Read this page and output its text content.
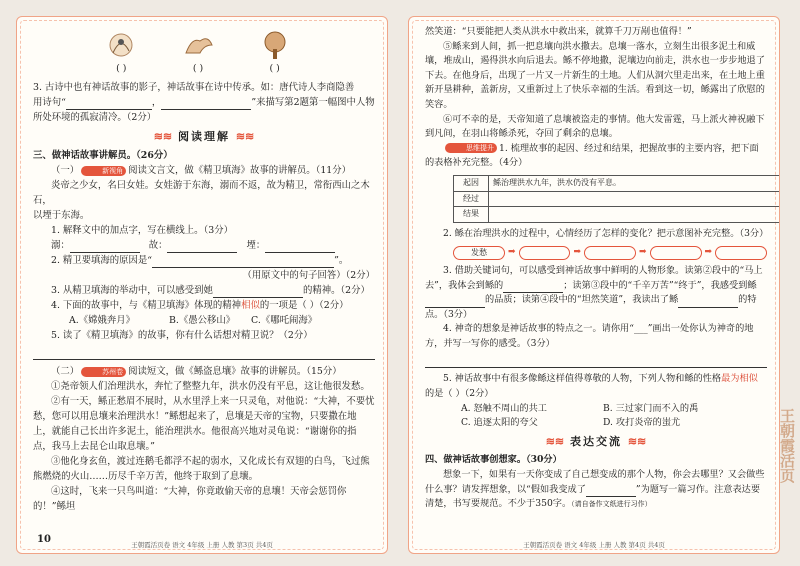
( )	( )	( )

3. 古诗中也有神话故事的影子，神话故事在诗中传承。如：唐代诗人李商隐善

用诗句“	，	”来描写第2题第一幅图中人物

所处环境的孤寂清冷。（2分）

≋≋ 阅读理解 ≋≋

三、做神话故事讲解员。（26分）

（一）	新视角 阅读文言文，做《精卫填海》故事的讲解员。（11分）

炎帝之少女，名曰女娃。女娃游于东海，溺而不返，故为精卫，常衔西山之木石，

以堙于东海。

1. 解释文中的加点字，写在横线上。（3分）

溺：	故：	堙：

2. 精卫要填海的原因是“	”。

（用原文中的句子回答）（2分）

3. 从精卫填海的举动中，可以感受到她	的精神。（2分）

4. 下面的故事中，与《精卫填海》体现的精神相似的一项是（ ）（2分）

A.《嫦娥奔月》	B.《愚公移山》 C.《哪吒闹海》

5. 读了《精卫填海》的故事，你有什么话想对精卫说？（2分）

（二）	苏州卷 阅读短文，做《鲧盗息壤》故事的讲解员。（15分）

①尧帝领人们治理洪水，奔忙了整整九年，洪水仍没有平息，这让他很发愁。

②有一天，鲧正愁眉不展时，从水里浮上来一只灵龟，对他说：“大神，不要忧愁，您可以用息壤来治理洪水！”鲧想起来了，息壤是天帝的宝物，只要撒在地上，就能自己长出许多泥土，能治理洪水。他很高兴地对灵龟说：“谢谢你的指点，我马上去昆仑山取息壤。”

③他化身玄鱼，渡过连鹅毛都浮不起的弱水，又化成长有双翅的白鸟，飞过熊熊燃烧的火山……历尽千辛万苦，他终于取到了息壤。

④这时，飞来一只鸟叫道：“大神，你竟敢偷天帝的息壤！天帝会惩罚你的！”鲧坦

10	王朝霞活页卷 语文 4年级 上册 人教 第3页 共4页

然笑道：“只要能把人类从洪水中救出来，就算千刀万剐也值得！”

⑤鲧来到人间，抓一把息壤向洪水撒去。息壤一落水，立刻生出很多泥土和威壤，堆成山，遏得洪水向后退去。鲧不停地撒，泥壤边向前走，洪水也一步步地退了下去。在他身后，出现了一片又一片新生的土地。人们从洞穴里走出来，在土地上重新开垦耕种，盖新房，又重新过上了快乐幸福的生活。看到这一切，鲧露出了欣慰的笑容。

⑥可不幸的是，天帝知道了息壤被盗走的事情。他大发雷霆，马上派火神祝融下到凡间，在羽山将鲧杀死，夺回了剩余的息壤。

思维提升 1. 梳理故事的起因、经过和结果，把握故事的主要内容，把下面的表格补充完整。（4分）

起因	鲧治理洪水九年，洪水仍没有平息。
经过	
结果	

2. 鲧在治理洪水的过程中，心情经历了怎样的变化？把示意图补充完整。（3分）

发愁	➡	➡	➡	➡

3. 借助关键词句，可以感受到神话故事中鲜明的人物形象。读第②段中的“马上去”，我体会到鲧的	；读第③段中的“千辛万苦”“终于”，我感受到鲧的品质；读第④段中的“坦然笑道”，我读出了鲧	的特点。（3分）

4. 神奇的想象是神话故事的特点之一。请你用“___”画出一处你认为神奇的地方，并写一写你的感受。（3分）

5. 神话故事中有很多像鲧这样值得尊敬的人物，下列人物和鲧的性格最为相似的是（ ）（2分）

A. 怒触不周山的共工	B. 三过家门而不入的禹

C. 追逐太阳的夸父	D. 攻打炎帝的蚩尤

≋≋ 表达交流 ≋≋

四、做神话故事创想家。（30分）

想象一下，如果有一天你变成了自己想变成的那个人物，你会去哪里？又会做些什么事？请发挥想象，以“假如我变成了	”为题写一篇习作。注意表达要清楚，书写要规范。不少于350字。（请自备作文纸进行习作）

王朝霞活页卷 语文 4年级 上册 人教 第4页 共4页
王朝霞活页
